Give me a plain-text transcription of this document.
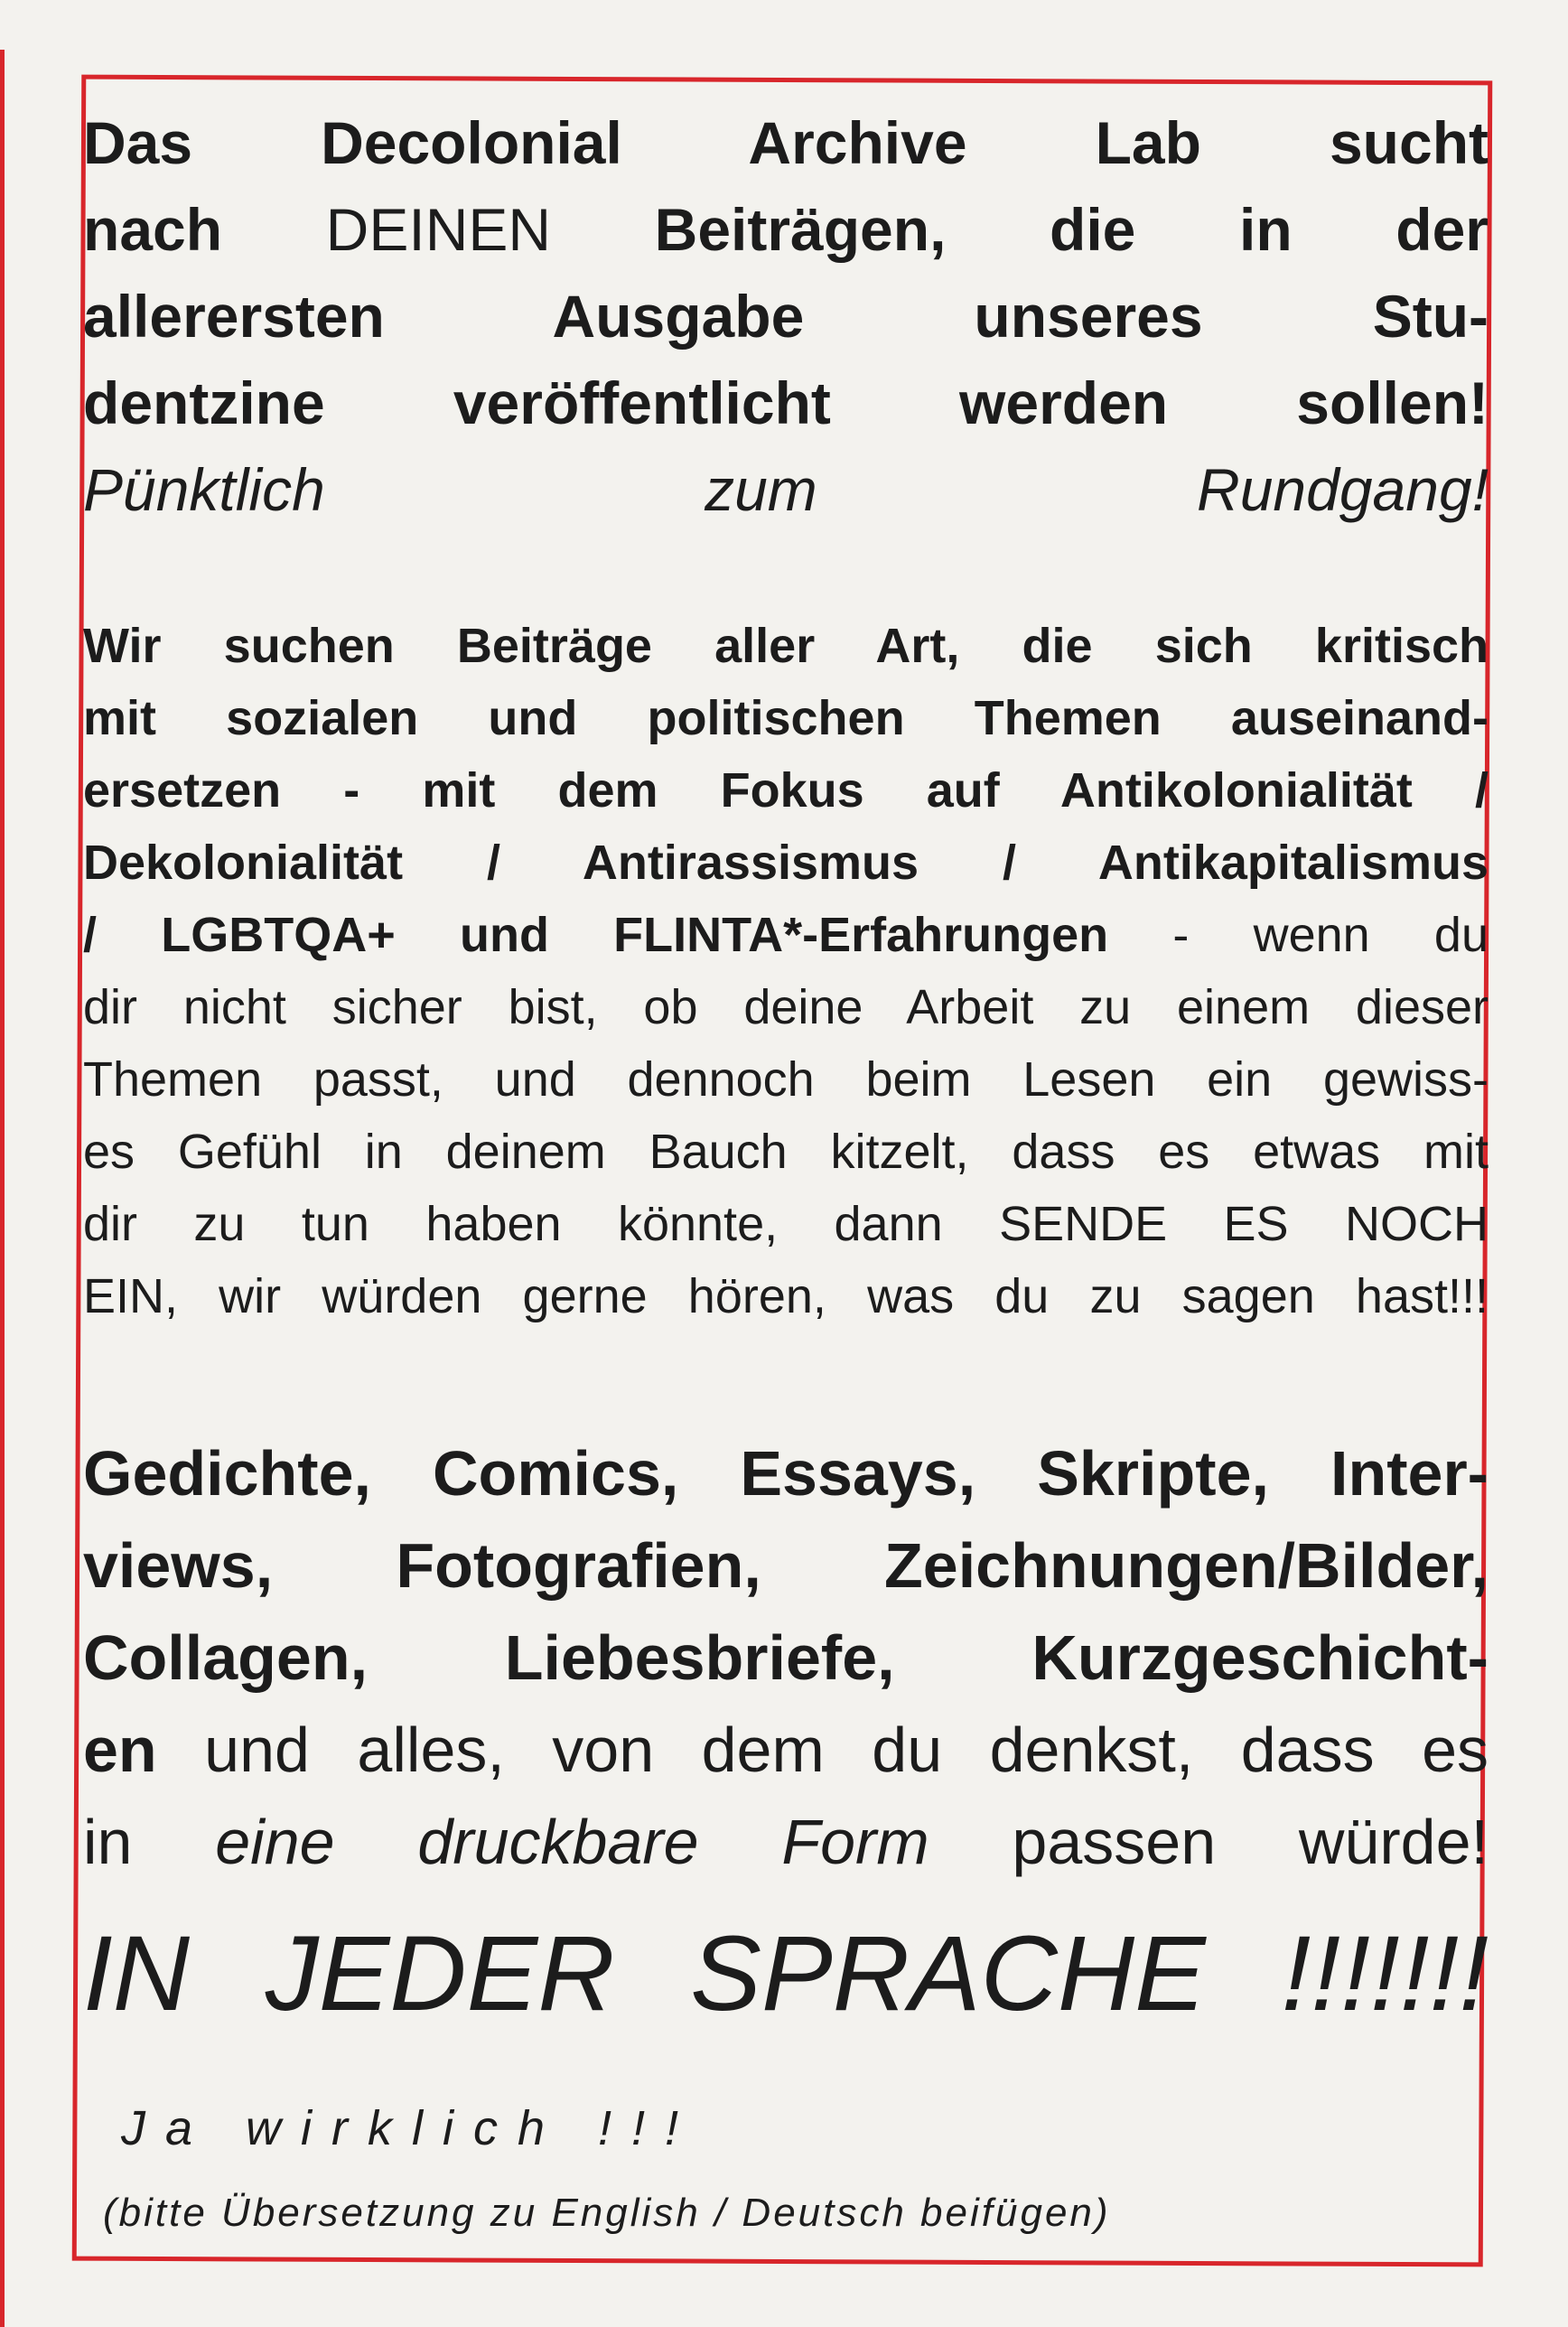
Das Decolonial Archive Lab sucht
nach DEINEN Beiträgen, die in der
allerersten Ausgabe unseres Stu-
dentzine veröffentlicht werden sollen!
Pünktlich zum Rundgang!
Wir suchen Beiträge aller Art, die sich kritisch
mit sozialen und politischen Themen auseinand-
ersetzen - mit dem Fokus auf Antikolonialität /
Dekolonialität / Antirassismus / Antikapitalismus
/ LGBTQA+ und FLINTA*-Erfahrungen - wenn du
dir nicht sicher bist, ob deine Arbeit zu einem dieser
Themen passt, und dennoch beim Lesen ein gewiss-
es Gefühl in deinem Bauch kitzelt, dass es etwas mit
dir zu tun haben könnte, dann SENDE ES NOCH
EIN, wir würden gerne hören, was du zu sagen hast!!!
Gedichte, Comics, Essays, Skripte, Inter-
views, Fotografien, Zeichnungen/Bilder,
Collagen, Liebesbriefe, Kurzgeschicht-
en und alles, von dem du denkst, dass es
in eine druckbare Form passen würde!
IN JEDER SPRACHE !!!!!!!
Ja wirklich !!!
(bitte Übersetzung zu English / Deutsch beifügen)
